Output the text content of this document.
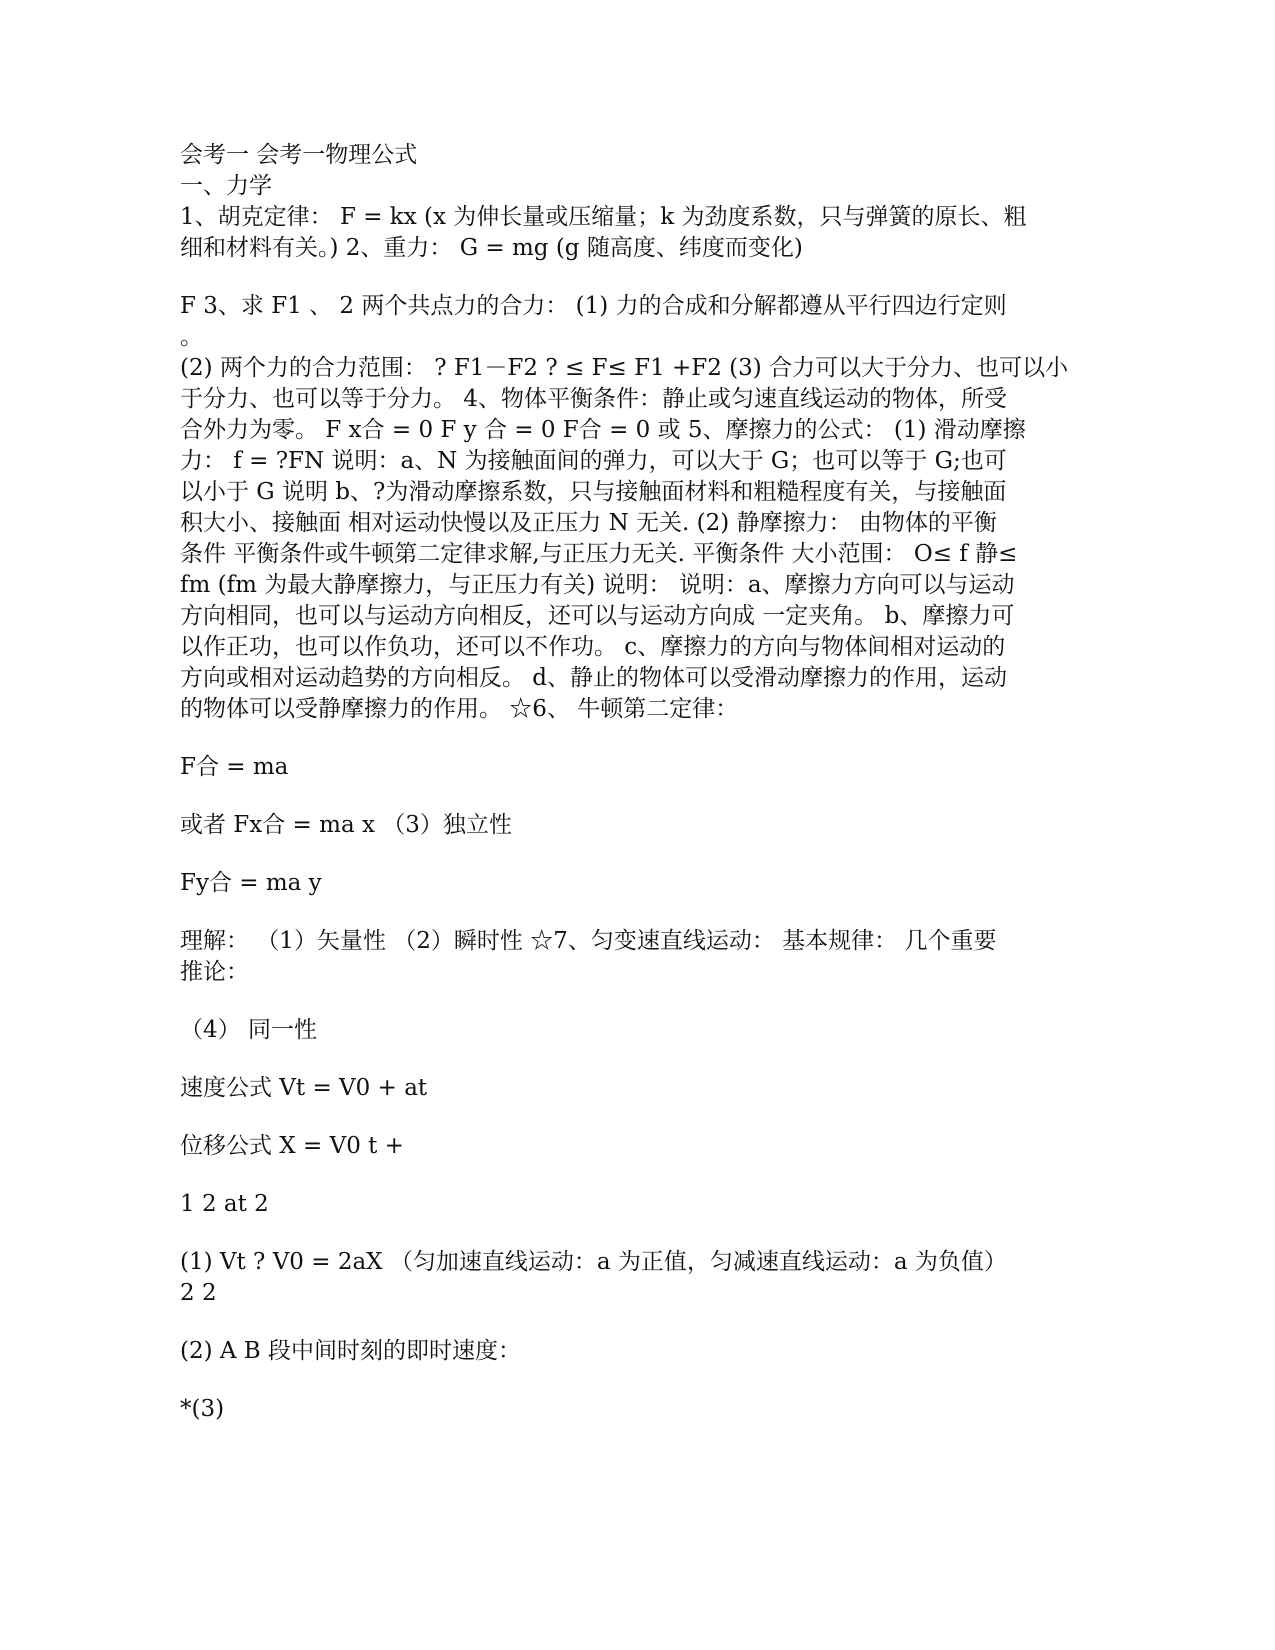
会考一 会考一物理公式
一、力学
1、胡克定律： F = kx (x 为伸长量或压缩量；k 为劲度系数，只与弹簧的原长、粗
细和材料有关。) 2、重力： G = mg (g 随高度、纬度而变化)
F 3、求 F1 、 2 两个共点力的合力： (1) 力的合成和分解都遵从平行四边行定则
。
(2) 两个力的合力范围： ? F1－F2 ? ≤ F≤ F1 +F2 (3) 合力可以大于分力、也可以小
于分力、也可以等于分力。 4、物体平衡条件：静止或匀速直线运动的物体，所受
合外力为零。 F x合 = 0 F y 合 = 0 F合 = 0 或 5、摩擦力的公式： (1) 滑动摩擦
力： f = ?FN 说明：a、N 为接触面间的弹力，可以大于 G；也可以等于 G;也可
以小于 G 说明 b、?为滑动摩擦系数，只与接触面材料和粗糙程度有关，与接触面
积大小、接触面 相对运动快慢以及正压力 N 无关. (2) 静摩擦力： 由物体的平衡
条件 平衡条件或牛顿第二定律求解,与正压力无关. 平衡条件 大小范围： O≤ f 静≤
fm (fm 为最大静摩擦力，与正压力有关) 说明： 说明：a、摩擦力方向可以与运动
方向相同，也可以与运动方向相反，还可以与运动方向成 一定夹角。 b、摩擦力可
以作正功，也可以作负功，还可以不作功。 c、摩擦力的方向与物体间相对运动的
方向或相对运动趋势的方向相反。 d、静止的物体可以受滑动摩擦力的作用，运动
的物体可以受静摩擦力的作用。 ☆6、 牛顿第二定律：
F合 = ma
或者 Fx合 = ma x （3）独立性
Fy合 = ma y
理解： （1）矢量性 （2）瞬时性 ☆7、匀变速直线运动： 基本规律： 几个重要
推论：
（4） 同一性
速度公式 Vt = V0 + at
位移公式 X = V0 t +
1 2 at 2
(1) Vt ? V0 = 2aX （匀加速直线运动：a 为正值，匀减速直线运动：a 为负值）
2 2
(2) A B 段中间时刻的即时速度：
*(3)
